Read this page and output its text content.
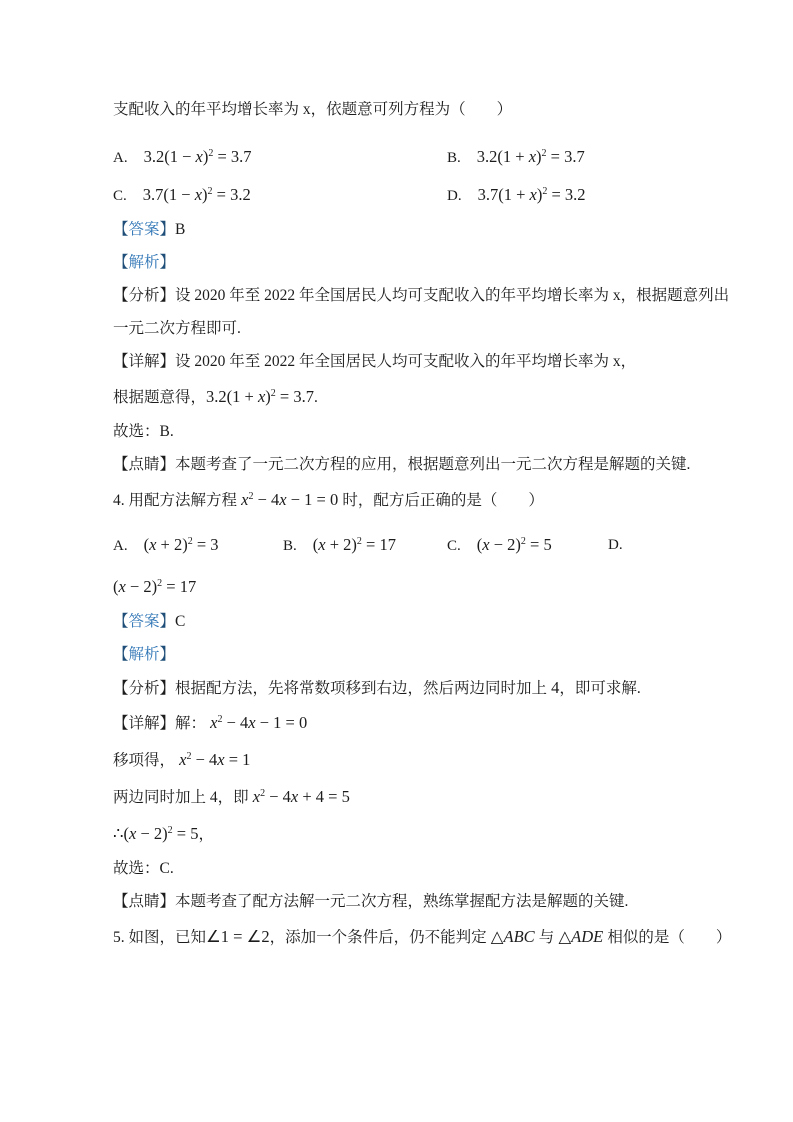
支配收入的年平均增长率为 x，依题意可列方程为（　　）
A. $3.2(1 - x)^2 = 3.7$	B. $3.2(1 + x)^2 = 3.7$
C. $3.7(1 - x)^2 = 3.2$	D. $3.7(1 + x)^2 = 3.2$
【答案】B
【解析】
【分析】设 2020 年至 2022 年全国居民人均可支配收入的年平均增长率为 x，根据题意列出
一元二次方程即可.
【详解】设 2020 年至 2022 年全国居民人均可支配收入的年平均增长率为 x，
根据题意得，$3.2(1 + x)^2 = 3.7$.
故选：B.
【点睛】本题考查了一元二次方程的应用，根据题意列出一元二次方程是解题的关键.
4. 用配方法解方程 $x^2 - 4x - 1 = 0$ 时，配方后正确的是（　　）
A. $(x + 2)^2 = 3$	B. $(x + 2)^2 = 17$	C. $(x - 2)^2 = 5$	D.
$(x - 2)^2 = 17$
【答案】C
【解析】
【分析】根据配方法，先将常数项移到右边，然后两边同时加上 4，即可求解.
【详解】解： $x^2 - 4x - 1 = 0$
移项得， $x^2 - 4x = 1$
两边同时加上 4，即 $x^2 - 4x + 4 = 5$
∴(x − 2)$^2$ = 5，
故选：C.
【点睛】本题考查了配方法解一元二次方程，熟练掌握配方法是解题的关键.
5. 如图，已知∠1 = ∠2，添加一个条件后，仍不能判定 △ABC 与 △ADE 相似的是（　　）
